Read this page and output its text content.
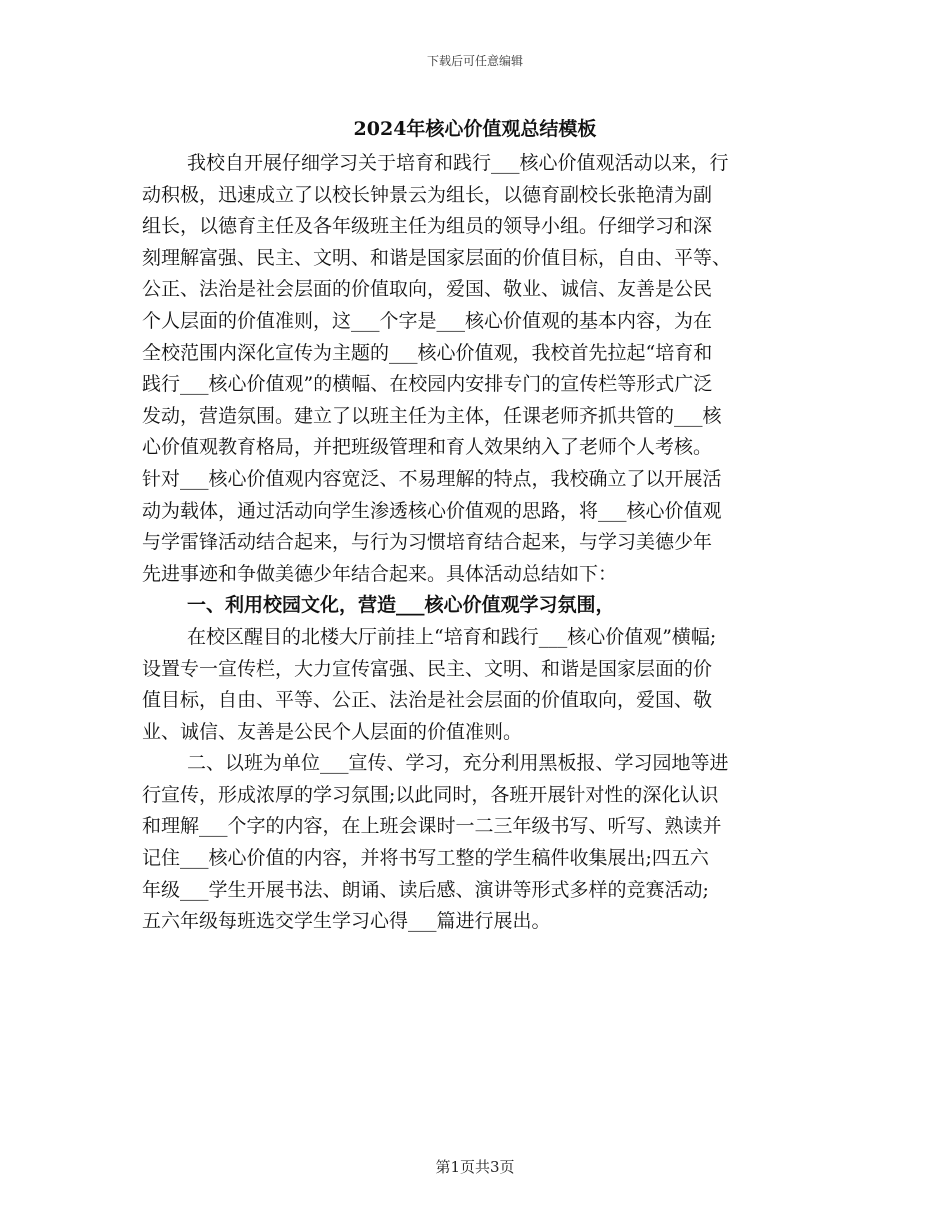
下载后可任意编辑
2024年核心价值观总结模板

我校自开展仔细学习关于培育和践行___核心价值观活动以来，行
动积极，迅速成立了以校长钟景云为组长，以德育副校长张艳清为副
组长，以德育主任及各年级班主任为组员的领导小组。仔细学习和深
刻理解富强、民主、文明、和谐是国家层面的价值目标，自由、平等、
公正、法治是社会层面的价值取向，爱国、敬业、诚信、友善是公民
个人层面的价值准则，这___个字是___核心价值观的基本内容，为在
全校范围内深化宣传为主题的___核心价值观，我校首先拉起“培育和
践行___核心价值观”的横幅、在校园内安排专门的宣传栏等形式广泛
发动，营造氛围。建立了以班主任为主体，任课老师齐抓共管的___核
心价值观教育格局，并把班级管理和育人效果纳入了老师个人考核。
针对___核心价值观内容宽泛、不易理解的特点，我校确立了以开展活
动为载体，通过活动向学生渗透核心价值观的思路，将___核心价值观
与学雷锋活动结合起来，与行为习惯培育结合起来，与学习美德少年
先进事迹和争做美德少年结合起来。具体活动总结如下：

一、利用校园文化，营造___核心价值观学习氛围，

在校区醒目的北楼大厅前挂上“培育和践行___核心价值观”横幅;
设置专一宣传栏，大力宣传富强、民主、文明、和谐是国家层面的价
值目标，自由、平等、公正、法治是社会层面的价值取向，爱国、敬
业、诚信、友善是公民个人层面的价值准则。

二、以班为单位___宣传、学习，充分利用黑板报、学习园地等进
行宣传，形成浓厚的学习氛围;以此同时，各班开展针对性的深化认识
和理解___个字的内容，在上班会课时一二三年级书写、听写、熟读并
记住___核心价值的内容，并将书写工整的学生稿件收集展出;四五六
年级___学生开展书法、朗诵、读后感、演讲等形式多样的竞赛活动;
五六年级每班选交学生学习心得___篇进行展出。

第1页共3页
